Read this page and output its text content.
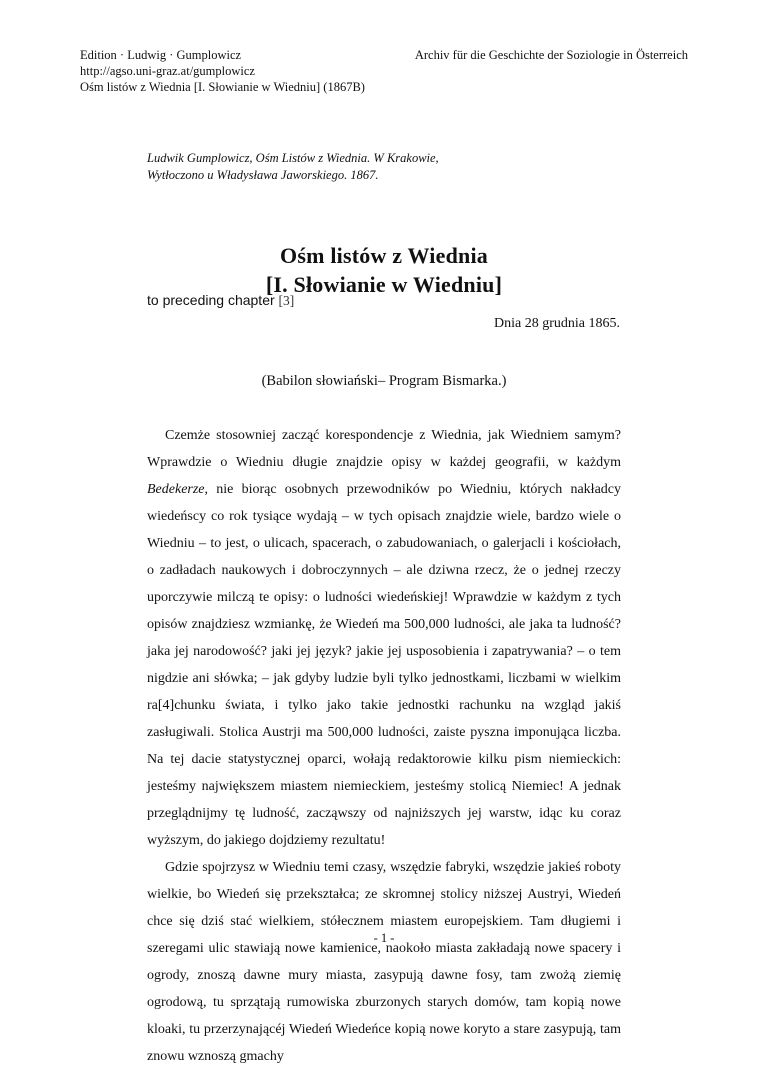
Edition · Ludwig · Gumplowicz
http://agso.uni-graz.at/gumplowicz
Ośm listów z Wiednia [I. Słowianie w Wiedniu] (1867B)
Archiv für die Geschichte der Soziologie in Österreich
Ludwik Gumplowicz, Ośm Listów z Wiednia. W Krakowie,
Wytłoczono u Władysława Jaworskiego. 1867.
Ośm listów z Wiednia
[I. Słowianie w Wiedniu]
to preceding chapter [3]
Dnia 28 grudnia 1865.
(Babilon słowiański– Program Bismarka.)

Czemże stosowniej zacząć korespondencje z Wiednia, jak Wiedniem samym? Wprawdzie o Wiedniu długie znajdzie opisy w każdej geografii, w każdym Bedekerze, nie biorąc osobnych przewodników po Wiedniu, których nakładcy wiedeńscy co rok tysiące wydają – w tych opisach znajdzie wiele, bardzo wiele o Wiedniu – to jest, o ulicach, spacerach, o zabudowaniach, o galerjacli i kościołach, o zadładach naukowych i dobroczynnych – ale dziwna rzecz, że o jednej rzeczy uporczywie milczą te opisy: o ludności wiedeńskiej! Wprawdzie w każdym z tych opisów znajdziesz wzmiankę, że Wiedeń ma 500,000 ludności, ale jaka ta ludność? jaka jej narodowość? jaki jej język? jakie jej usposobienia i zapatrywania? – o tem nigdzie ani słówka; – jak gdyby ludzie byli tylko jednostkami, liczbami w wielkim ra[4]chunku świata, i tylko jako takie jednostki rachunku na wzgląd jakiś zasługiwali. Stolica Austrji ma 500,000 ludności, zaiste pyszna imponująca liczba. Na tej dacie statystycznej oparci, wołają redaktorowie kilku pism niemieckich: jesteśmy największem miastem niemieckiem, jesteśmy stolicą Niemiec! A jednak przeglądnijmy tę ludność, zacząwszy od najniższych jej warstw, idąc ku coraz wyższym, do jakiego dojdziemy rezultatu!

Gdzie spojrzysz w Wiedniu temi czasy, wszędzie fabryki, wszędzie jakieś roboty wielkie, bo Wiedeń się przekształca; ze skromnej stolicy niższej Austryi, Wiedeń chce się dziś stać wielkiem, stółecznem miastem europejskiem. Tam długiemi i szeregami ulic stawiają nowe kamienice, naokoło miasta zakładają nowe spacery i ogrody, znoszą dawne mury miasta, zasypują dawne fosy, tam zwożą ziemię ogrodową, tu sprzątają rumowiska zburzonych starych domów, tam kopią nowe kloaki, tu przerzynającéj Wiedeń Wiedeńce kopią nowe koryto a stare zasypują, tam znowu wznoszą gmachy

- 1 -
